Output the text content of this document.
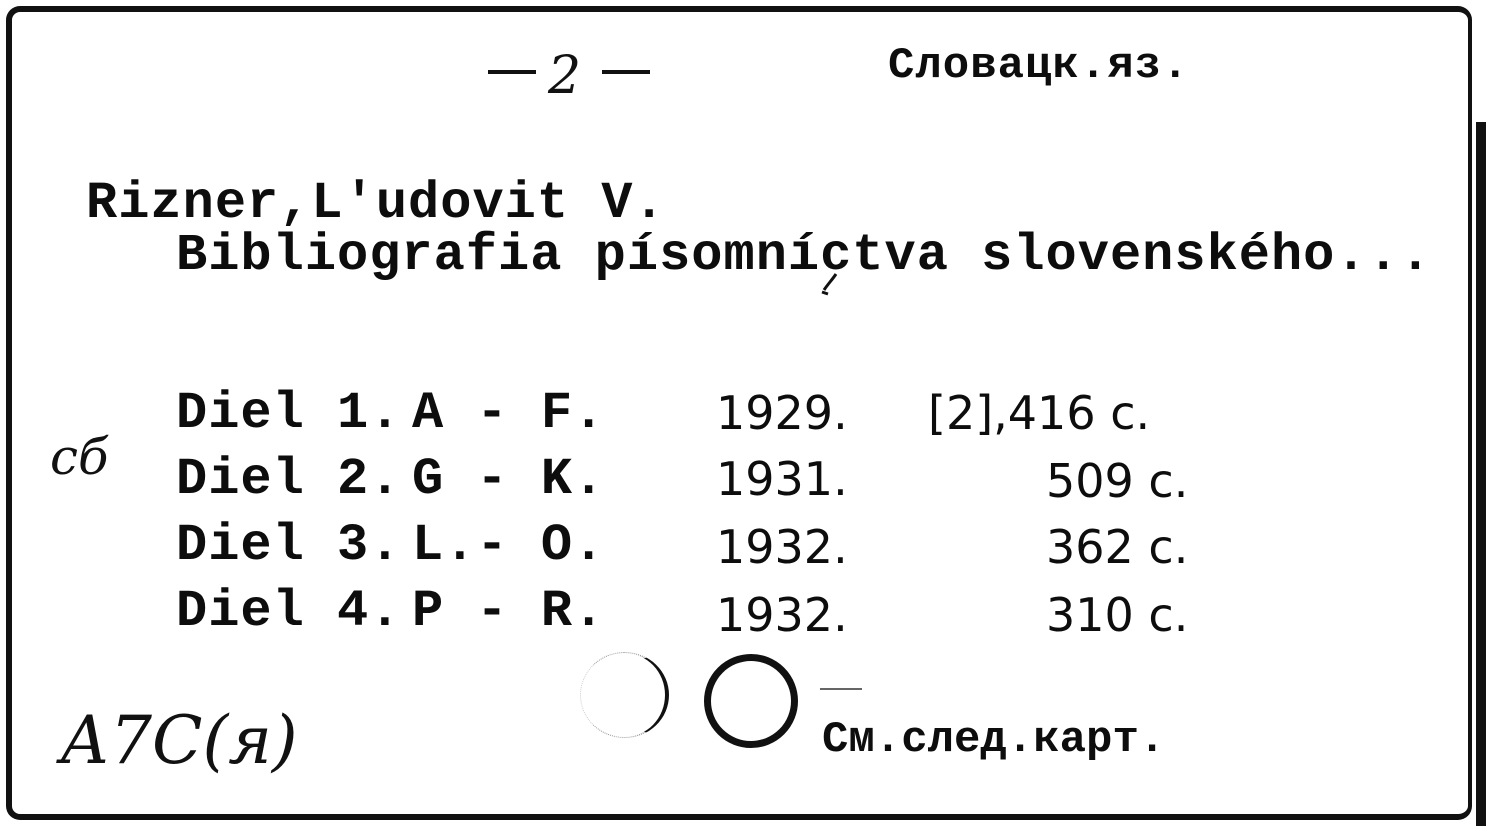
2	Словацк.яз.
Rizner,L'udovit V.
Bibliografia písomníctva slovenského...
Diel 1. A - F. 1929. [2],416 c.
Diel 2. G - K. 1931.	509 c.
Diel 3. L.- O. 1932.	362 c.
Diel 4. P - R. 1932.	310 c.
сб
См.след.карт.
А7С(я)
